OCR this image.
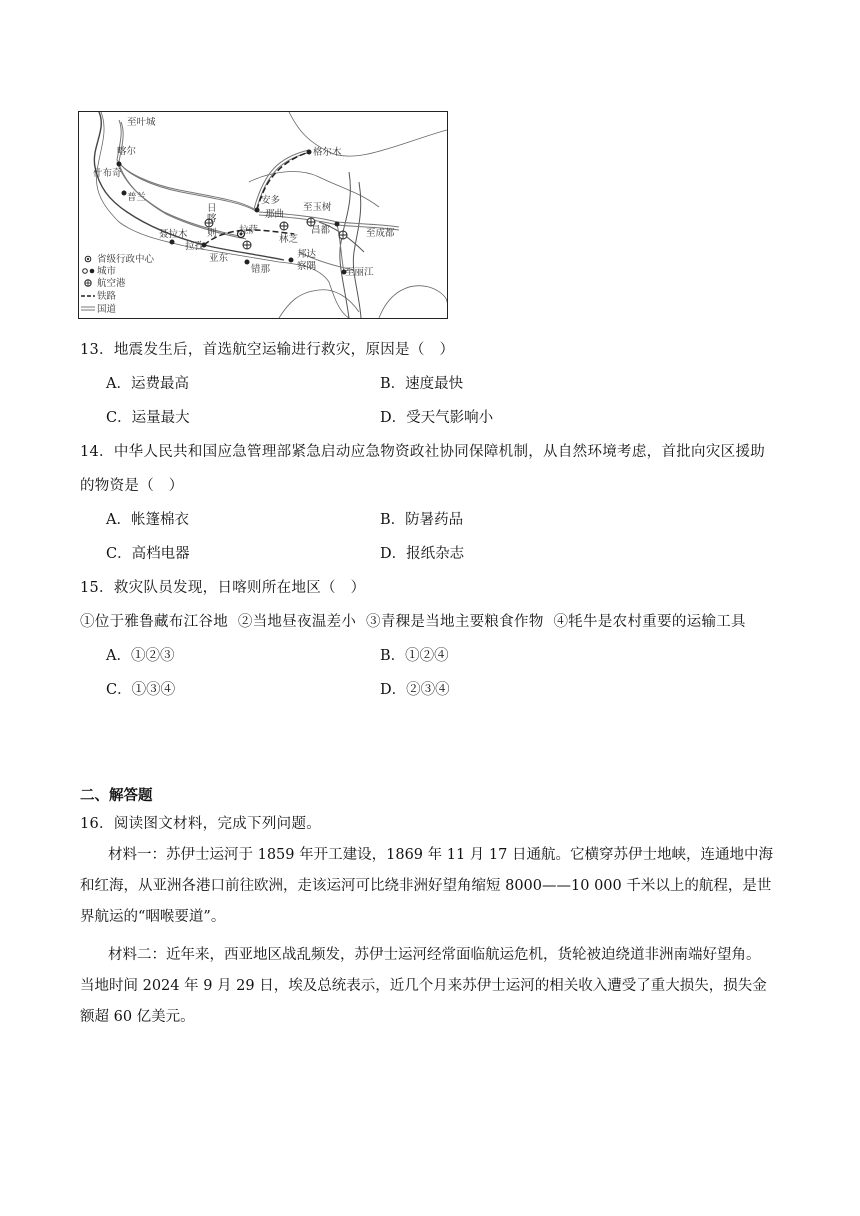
至叶城
喀尔
什布奇
普兰
格尔木
安多
那曲
至玉树
昌都	至成都
至丽江
日
喀
则 拉萨
林芝
邦达
察隅
拉孜
亚东
错那
聂拉木
省级行政中心
城市
航空港
铁路
国道
13．地震发生后，首选航空运输进行救灾，原因是（　）
A．运费最高	B．速度最快
C．运量最大	D．受天气影响小
14．中华人民共和国应急管理部紧急启动应急物资政社协同保障机制，从自然环境考虑，首批向灾区援助
的物资是（　）
A．帐篷棉衣	B．防暑药品
C．高档电器	D．报纸杂志
15．救灾队员发现，日喀则所在地区（　）
①位于雅鲁藏布江谷地  ②当地昼夜温差小  ③青稞是当地主要粮食作物  ④牦牛是农村重要的运输工具
A．①②③	B．①②④
C．①③④	D．②③④
二、解答题
16．阅读图文材料，完成下列问题。
材料一：苏伊士运河于 1859 年开工建设，1869 年 11 月 17 日通航。它横穿苏伊士地峡，连通地中海
和红海，从亚洲各港口前往欧洲，走该运河可比绕非洲好望角缩短 8000——10 000 千米以上的航程，是世
界航运的“咽喉要道”。
材料二：近年来，西亚地区战乱频发，苏伊士运河经常面临航运危机，货轮被迫绕道非洲南端好望角。
当地时间 2024 年 9 月 29 日，埃及总统表示，近几个月来苏伊士运河的相关收入遭受了重大损失，损失金
额超 60 亿美元。
